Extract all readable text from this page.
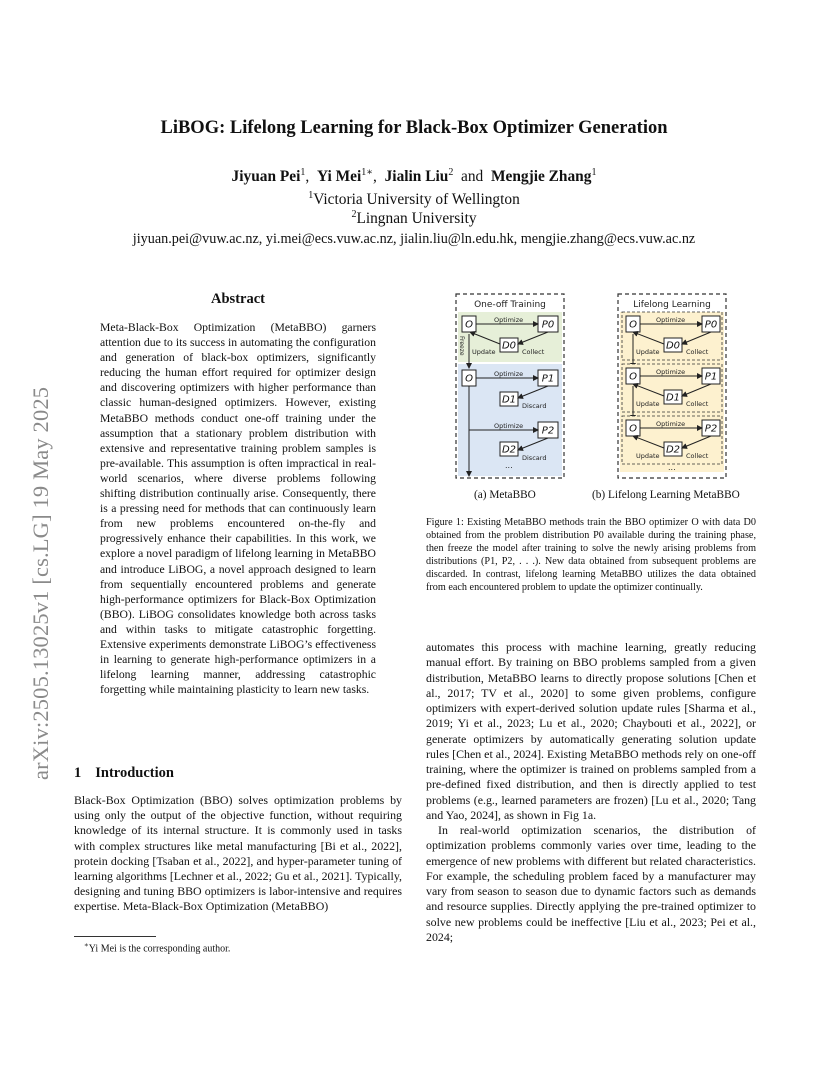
arXiv:2505.13025v1 [cs.LG] 19 May 2025
LiBOG: Lifelong Learning for Black-Box Optimizer Generation
Jiyuan Pei$^1$,  Yi Mei$^{1∗}$,  Jialin Liu$^2$ and Mengjie Zhang$^1$
$^1$Victoria University of Wellington
$^2$Lingnan University
jiyuan.pei@vuw.ac.nz, yi.mei@ecs.vuw.ac.nz, jialin.liu@ln.edu.hk, mengjie.zhang@ecs.vuw.ac.nz
Abstract
Meta-Black-Box Optimization (MetaBBO) garners attention due to its success in automating the configuration and generation of black-box optimizers, significantly reducing the human effort required for optimizer design and discovering optimizers with higher performance than classic human-designed optimizers. However, existing MetaBBO methods conduct one-off training under the assumption that a stationary problem distribution with extensive and representative training problem samples is pre-available. This assumption is often impractical in real-world scenarios, where diverse problems following shifting distribution continually arise. Consequently, there is a pressing need for methods that can continuously learn from new problems encountered on-the-fly and progressively enhance their capabilities. In this work, we explore a novel paradigm of lifelong learning in MetaBBO and introduce LiBOG, a novel approach designed to learn from sequentially encountered problems and generate high-performance optimizers for Black-Box Optimization (BBO). LiBOG consolidates knowledge both across tasks and within tasks to mitigate catastrophic forgetting. Extensive experiments demonstrate LiBOG’s effectiveness in learning to generate high-performance optimizers in a lifelong learning manner, addressing catastrophic forgetting while maintaining plasticity to learn new tasks.
1 Introduction
Black-Box Optimization (BBO) solves optimization problems by using only the output of the objective function, without requiring knowledge of its internal structure. It is commonly used in tasks with complex structures like metal manufacturing [Bi et al., 2022], protein docking [Tsaban et al., 2022], and hyper-parameter tuning of learning algorithms [Lechner et al., 2022; Gu et al., 2021]. Typically, designing and tuning BBO optimizers is labor-intensive and requires expertise. Meta-Black-Box Optimization (MetaBBO)
∗Yi Mei is the corresponding author.
One-off Training	Lifelong Learning
O	P0
D0
Optimize
Collect
Update
Freeze
O	P1
Optimize
D1
Discard
P2
Optimize
D2
Discard
...
O	P0
D0
Optimize
Collect
Update
O	P1
D1
Optimize
Collect
Update
O	P2
D2
Optimize
Collect
Update
...
(a) MetaBBO	(b) Lifelong Learning MetaBBO
Figure 1: Existing MetaBBO methods train the BBO optimizer O with data D0 obtained from the problem distribution P0 available during the training phase, then freeze the model after training to solve the newly arising problems from distributions (P1, P2, . . .). New data obtained from subsequent problems are discarded. In contrast, lifelong learning MetaBBO utilizes the data obtained from each encountered problem to update the optimizer continually.

automates this process with machine learning, greatly reducing manual effort. By training on BBO problems sampled from a given distribution, MetaBBO learns to directly propose solutions [Chen et al., 2017; TV et al., 2020] to some given problems, configure optimizers with expert-derived solution update rules [Sharma et al., 2019; Yi et al., 2023; Lu et al., 2020; Chaybouti et al., 2022], or generate optimizers by automatically generating solution update rules [Chen et al., 2024]. Existing MetaBBO methods rely on one-off training, where the optimizer is trained on problems sampled from a pre-defined fixed distribution, and then is directly applied to test problems (e.g., learned parameters are frozen) [Lu et al., 2020; Tang and Yao, 2024], as shown in Fig 1a.

In real-world optimization scenarios, the distribution of optimization problems commonly varies over time, leading to the emergence of new problems with different but related characteristics. For example, the scheduling problem faced by a manufacturer may vary from season to season due to dynamic factors such as demands and resource supplies. Directly applying the pre-trained optimizer to solve new problems could be ineffective [Liu et al., 2023; Pei et al., 2024;
